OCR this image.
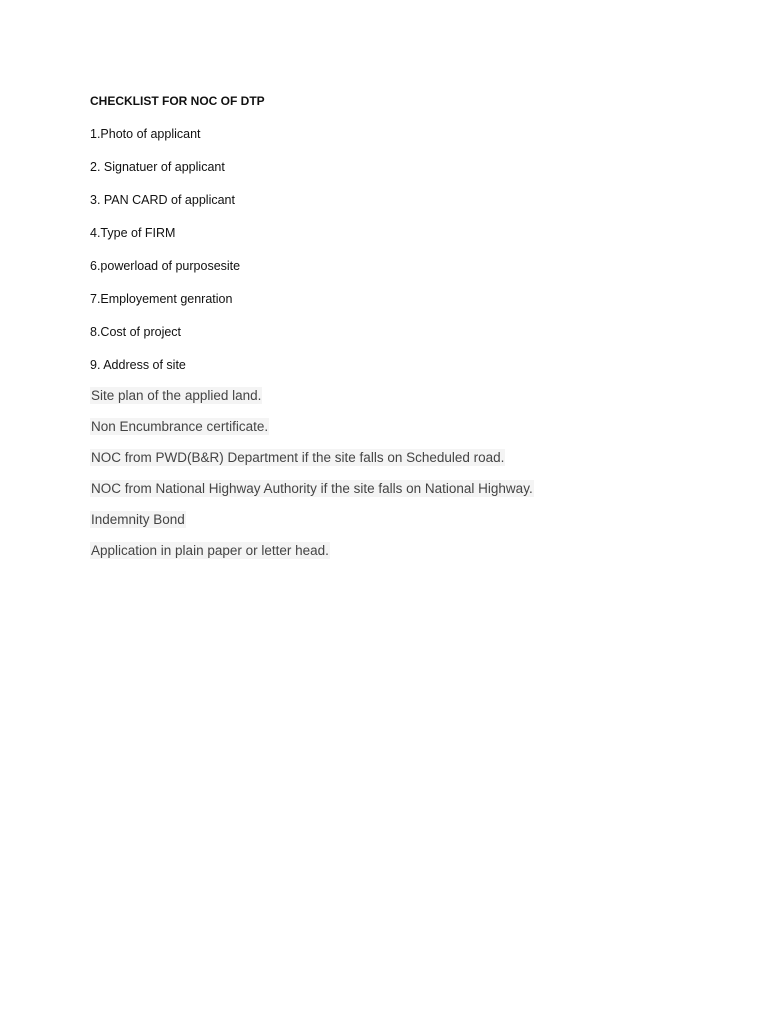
CHECKLIST FOR NOC OF DTP
1.Photo of applicant
2. Signatuer of applicant
3. PAN CARD of applicant
4.Type of FIRM
6.powerload of purposesite
7.Employement genration
8.Cost of project
9. Address of site
Site plan of the applied land.
Non Encumbrance certificate.
NOC from PWD(B&R) Department if the site falls on Scheduled road.
NOC from National Highway Authority if the site falls on National Highway.
Indemnity Bond
Application in plain paper or letter head.
